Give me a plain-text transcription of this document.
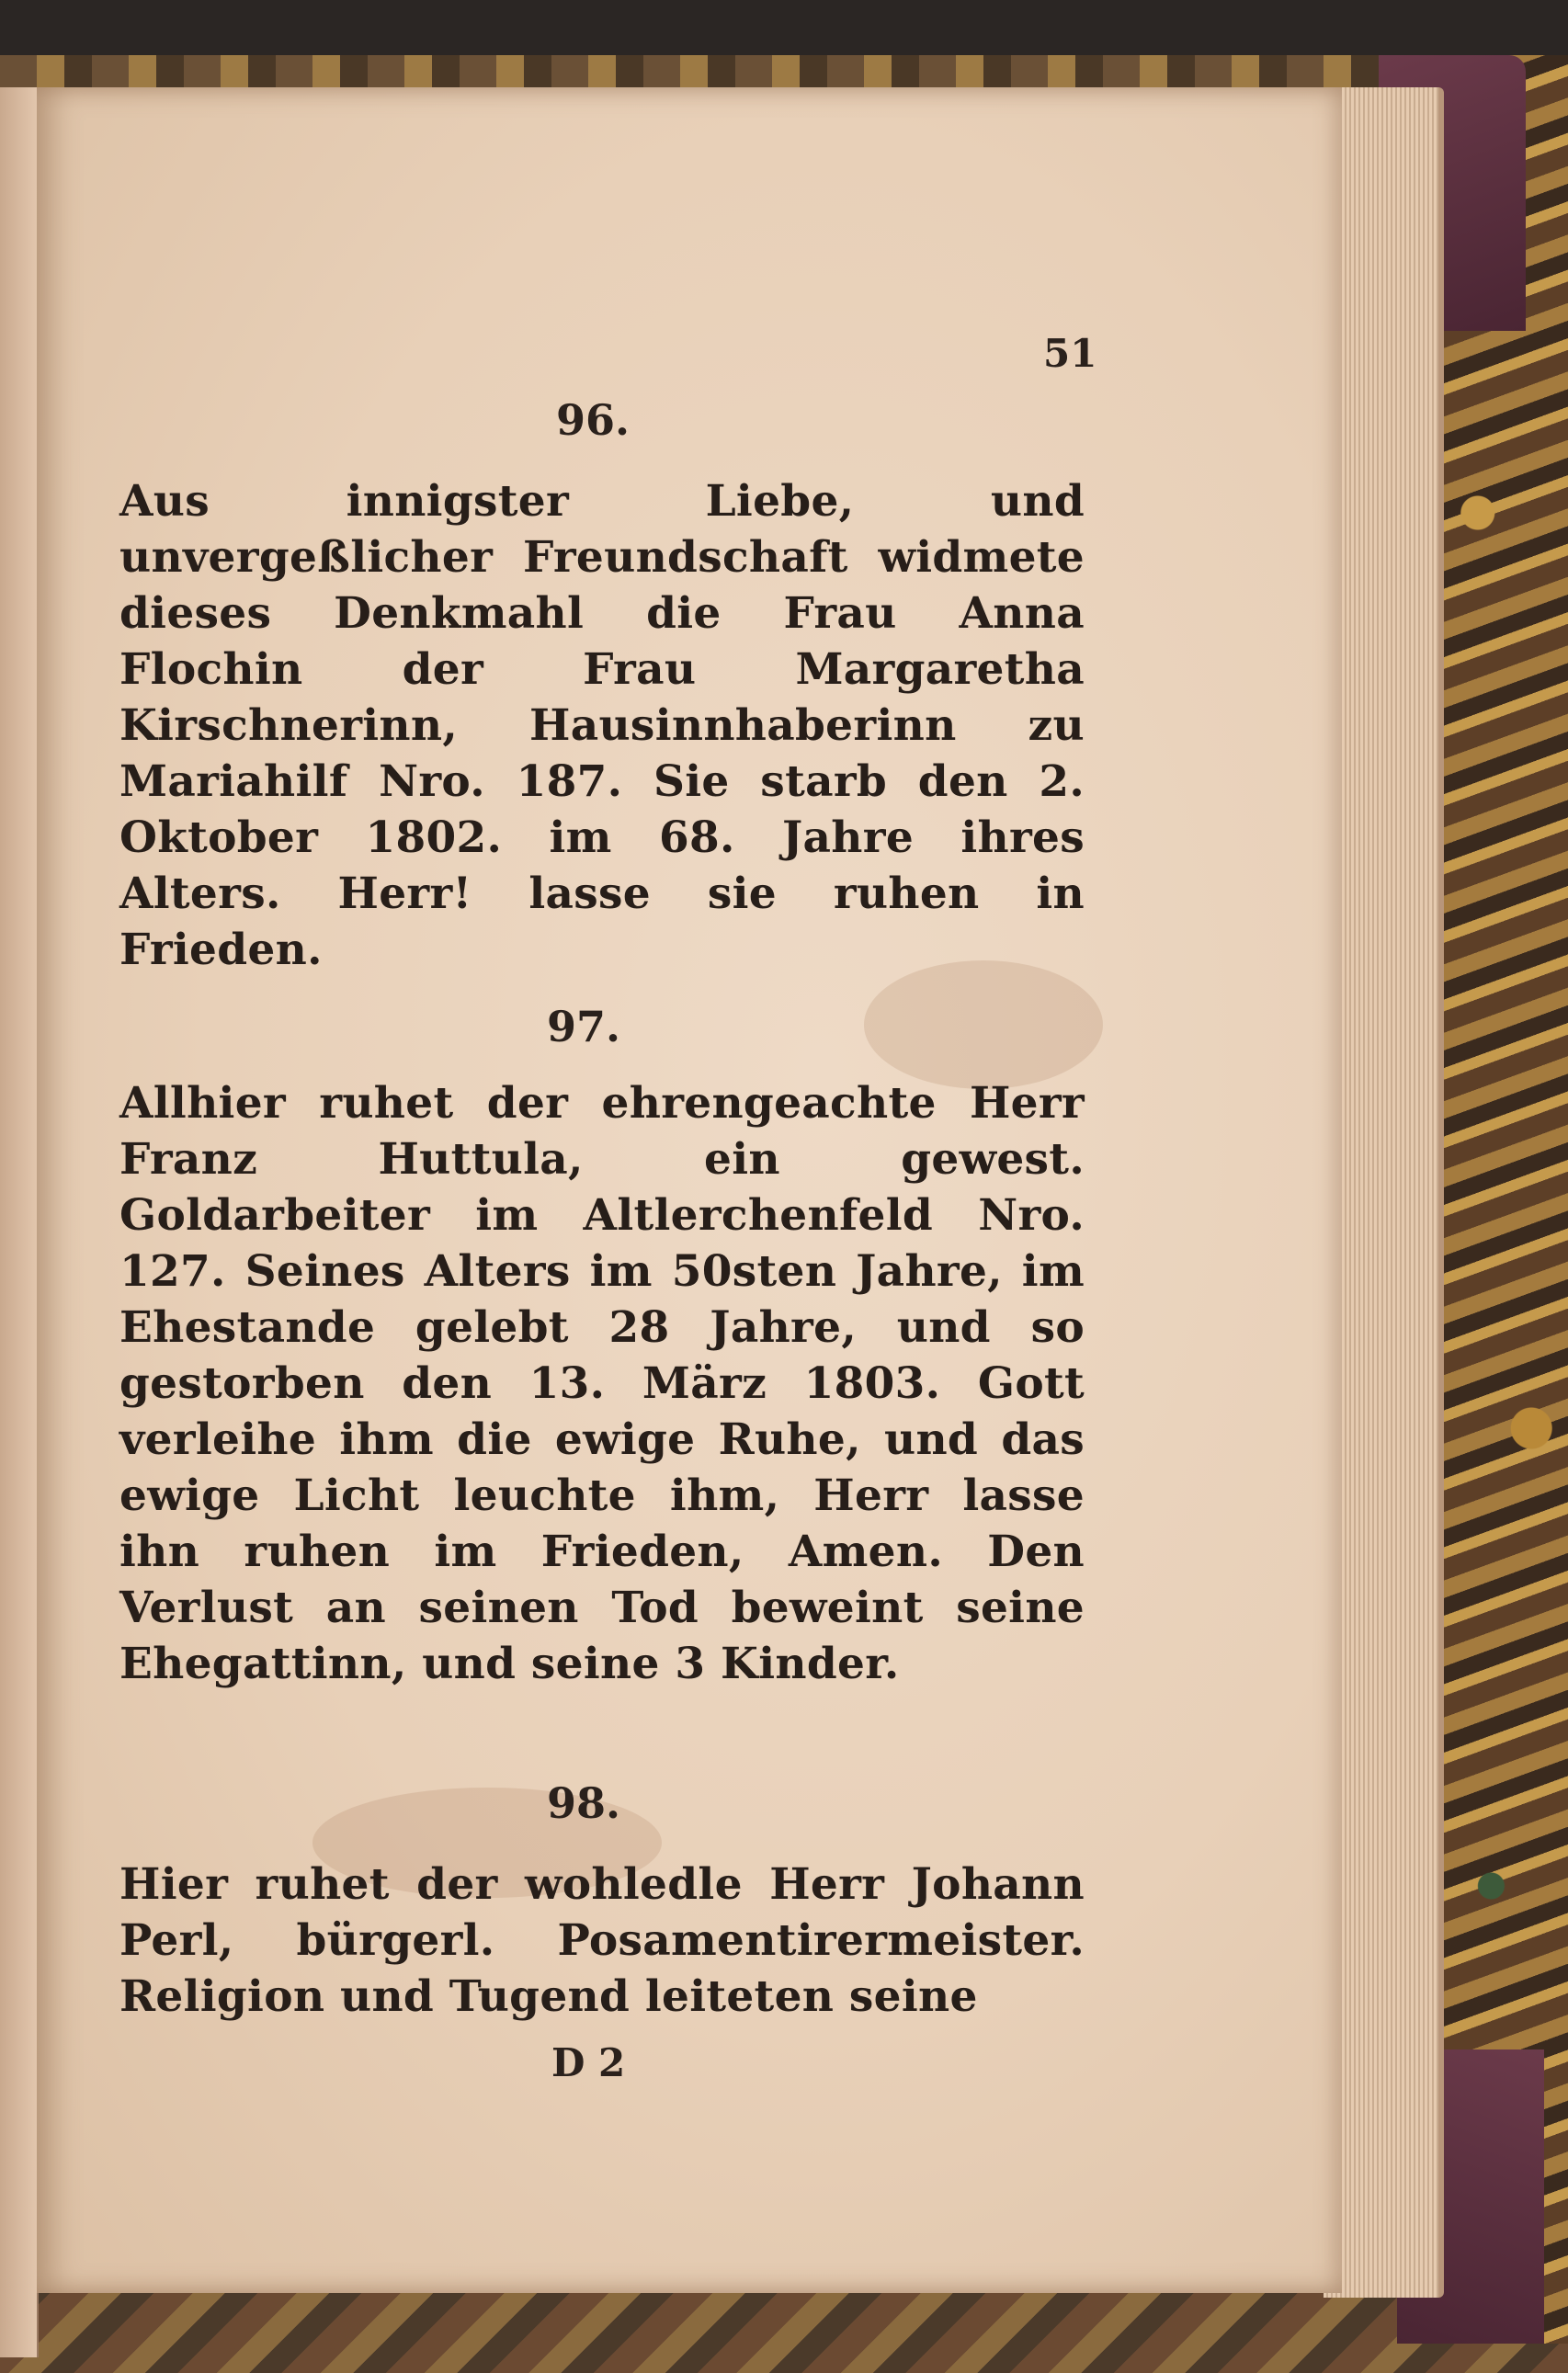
51
96.
Aus innigster Liebe, und unvergeßlicher Freundschaft widmete dieses Denkmahl die Frau Anna Flochin der Frau Margaretha Kirschnerinn, Hausinnhaberinn zu Mariahilf Nro. 187. Sie starb den 2. Oktober 1802. im 68. Jahre ihres Alters. Herr! lasse sie ruhen in Frieden.
97.
Allhier ruhet der ehrengeachte Herr Franz Huttula, ein gewest. Goldarbeiter im Altlerchenfeld Nro. 127. Seines Alters im 50sten Jahre, im Ehestande gelebt 28 Jahre, und so gestorben den 13. März 1803. Gott verleihe ihm die ewige Ruhe, und das ewige Licht leuchte ihm, Herr lasse ihn ruhen im Frieden, Amen. Den Verlust an seinen Tod beweint seine Ehegattinn, und seine 3 Kinder.
98.
Hier ruhet der wohledle Herr Johann Perl, bürgerl. Posamentirermeister. Religion und Tugend leiteten seine
D 2
